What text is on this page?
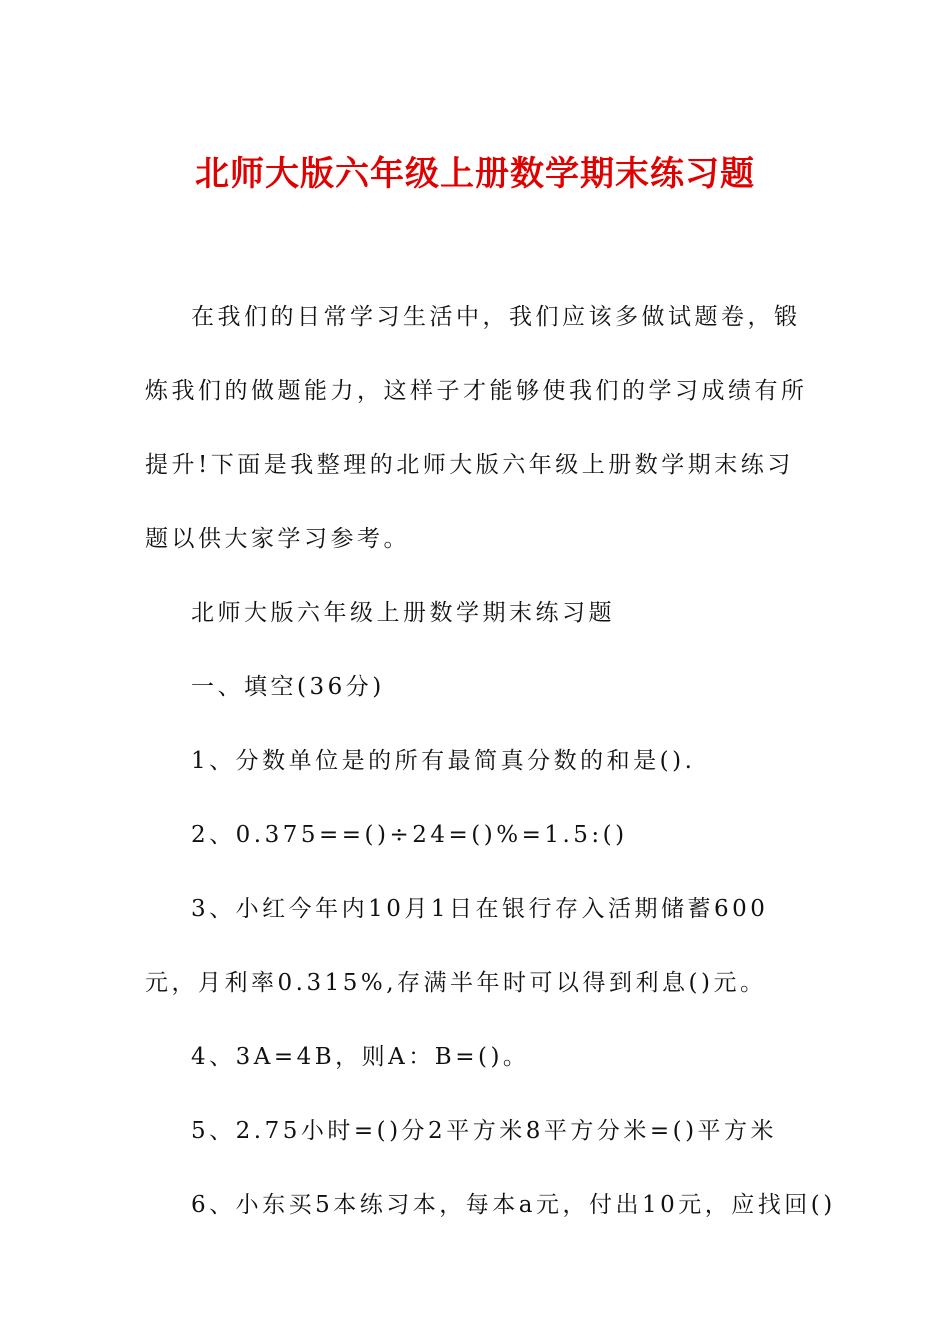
北师大版六年级上册数学期末练习题

在我们的日常学习生活中，我们应该多做试题卷，锻炼我们的做题能力，这样子才能够使我们的学习成绩有所提升!下面是我整理的北师大版六年级上册数学期末练习题以供大家学习参考。

北师大版六年级上册数学期末练习题

一、填空(36分)

1、分数单位是的所有最简真分数的和是().

2、0.375==()÷24=()%=1.5:()

3、小红今年内10月1日在银行存入活期储蓄600元，月利率0.315%,存满半年时可以得到利息()元。

4、3A=4B，则A：B=()。

5、2.75小时=()分2平方米8平方分米=()平方米

6、小东买5本练习本，每本a元，付出10元，应找回()
